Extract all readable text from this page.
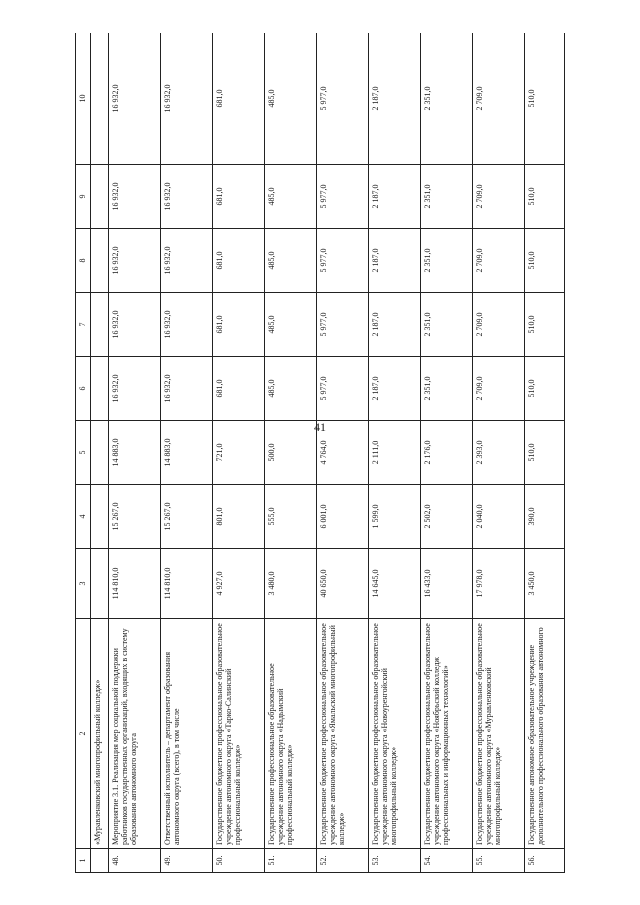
41
1	2	3	4	5	6	7	8	9	10
	«Муравленковский многопрофильный колледж»								
48.	Мероприятие 3.1. Реализация мер социальной поддержки работников государственных организаций, входящих в систему образования автономного округа	114 810,0	15 267,0	14 883,0	16 932,0	16 932,0	16 932,0	16 932,0	16 932,0
49.	Ответственный исполнитель – департамент образования автономного округа (всего), в том числе	114 810,0	15 267,0	14 883,0	16 932,0	16 932,0	16 932,0	16 932,0	16 932,0
50.	Государственное бюджетное профессиональное образовательное учреждение автономного округа «Тарко-Салинский профессиональный колледж»	4 927,0	801,0	721,0	681,0	681,0	681,0	681,0	681,0
51.	Государственное профессиональное образовательное учреждение автономного округа «Надымский профессиональный колледж»	3 480,0	555,0	500,0	485,0	485,0	485,0	485,0	485,0
52.	Государственное бюджетное профессиональное образовательное учреждение автономного округа «Ямальский многопрофильный колледж»	40 650,0	6 001,0	4 764,0	5 977,0	5 977,0	5 977,0	5 977,0	5 977,0
53.	Государственное бюджетное профессиональное образовательное учреждение автономного округа «Новоуренгойский многопрофильный колледж»	14 645,0	1 599,0	2 111,0	2 187,0	2 187,0	2 187,0	2 187,0	2 187,0
54.	Государственное бюджетное профессиональное образовательное учреждение автономного округа «Ноябрьский колледж профессиональных и информационных технологий»	16 433,0	2 502,0	2 176,0	2 351,0	2 351,0	2 351,0	2 351,0	2 351,0
55.	Государственное бюджетное профессиональное образовательное учреждение автономного округа «Муравленковский многопрофильный колледж»	17 978,0	2 040,0	2 393,0	2 709,0	2 709,0	2 709,0	2 709,0	2 709,0
56.	Государственное автономное образовательное учреждение дополнительного профессионального образования автономного	3 450,0	390,0	510,0	510,0	510,0	510,0	510,0	510,0
